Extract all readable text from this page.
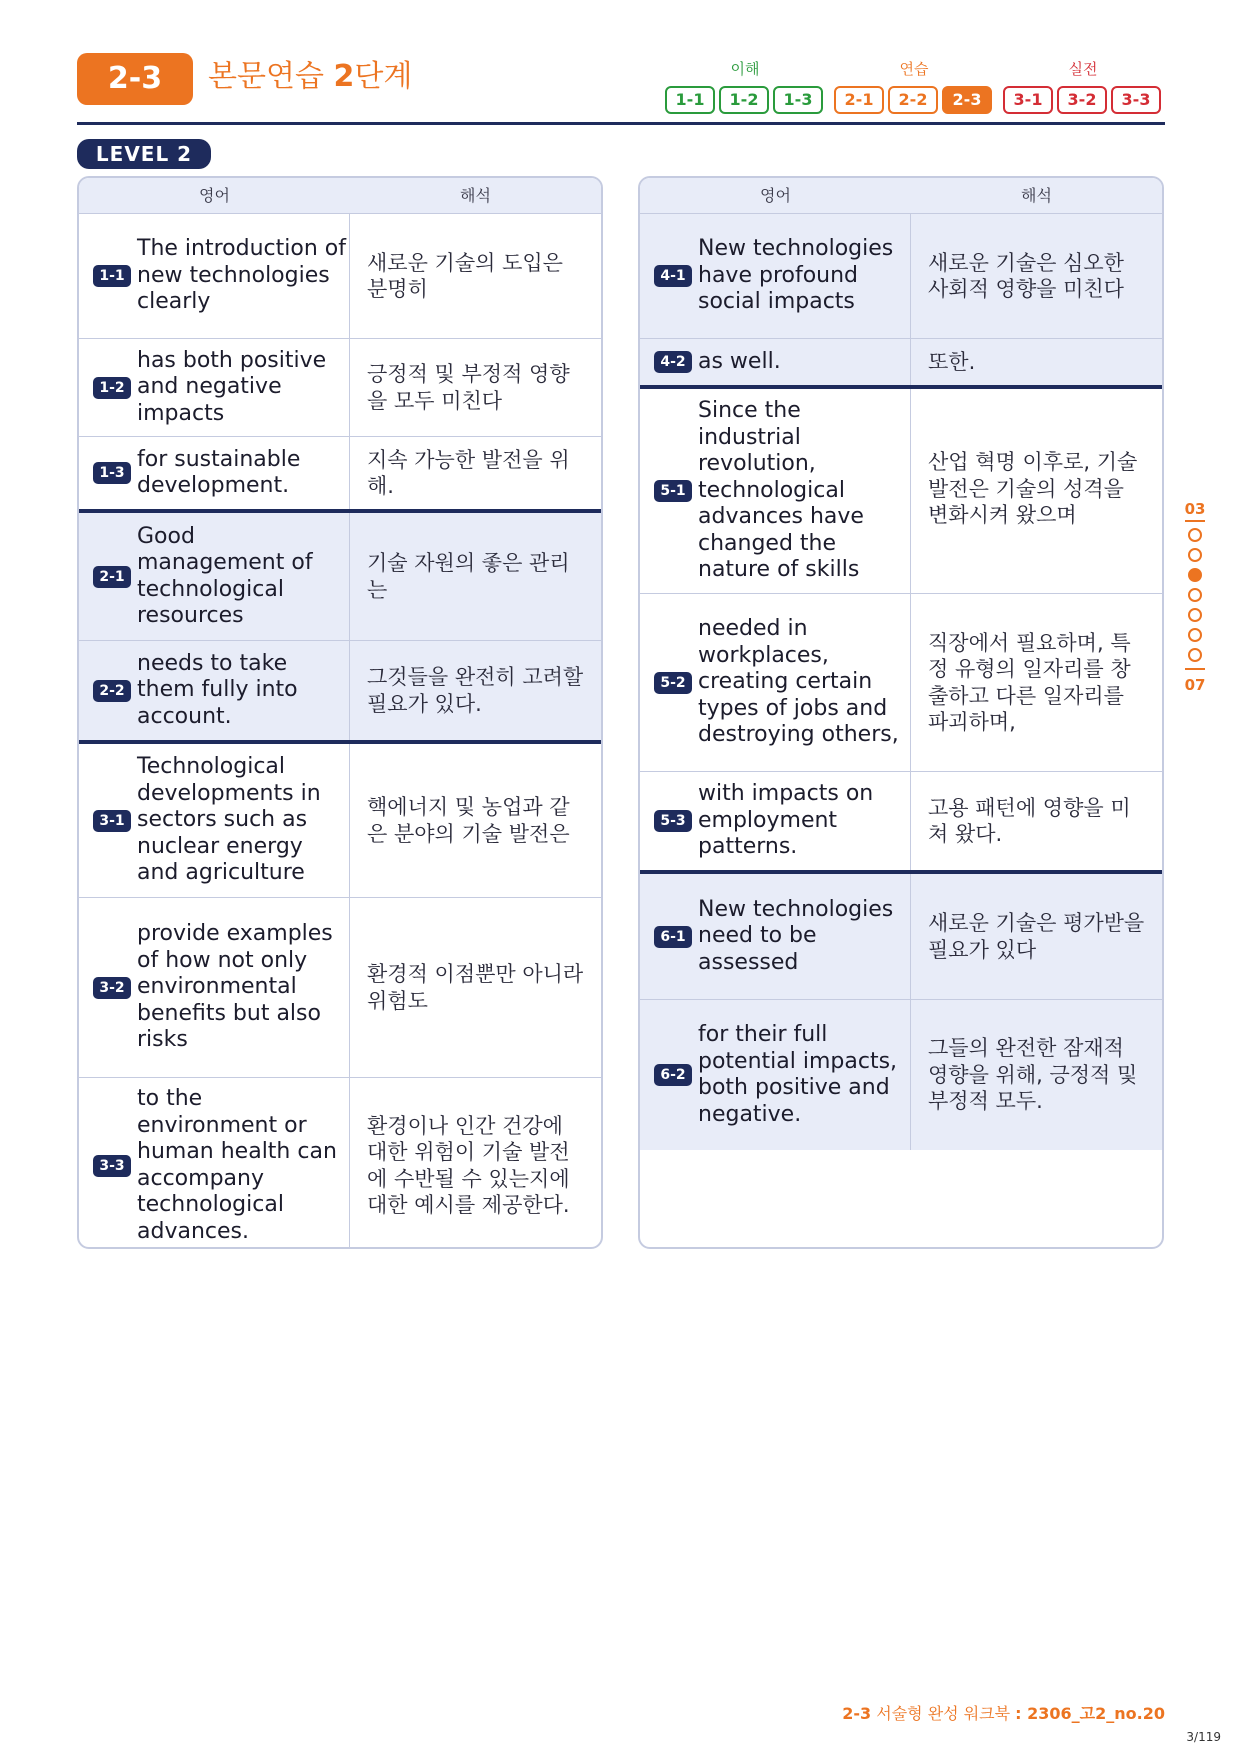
2-3	본문연습 2단계	이해
1-1	1-2	1-3
연습
2-1	2-2	2-3
실전
3-1	3-2	3-3
LEVEL 2
영어	해석
1-1
The introduction of new technologies clearly
새로운 기술의 도입은 분명히
1-2
has both positive and negative impacts
긍정적 및 부정적 영향을 모두 미친다
1-3
for sustainable development.
지속 가능한 발전을 위해.
2-1
Good management of technological resources
기술 자원의 좋은 관리는
2-2
needs to take them fully into account.
그것들을 완전히 고려할 필요가 있다.
3-1
Technological developments in sectors such as nuclear energy and agriculture
핵에너지 및 농업과 같은 분야의 기술 발전은
3-2
provide examples of how not only environmental benefits but also risks
환경적 이점뿐만 아니라 위험도
3-3
to the environment or human health can accompany technological advances.
환경이나 인간 건강에 대한 위험이 기술 발전에 수반될 수 있는지에 대한 예시를 제공한다.
영어	해석
4-1
New technologies have profound social impacts
새로운 기술은 심오한 사회적 영향을 미친다
4-2 as well.	또한.
5-1
Since the industrial revolution, technological advances have changed the nature of skills
산업 혁명 이후로, 기술 발전은 기술의 성격을 변화시켜 왔으며
5-2
needed in workplaces, creating certain types of jobs and destroying others,
직장에서 필요하며, 특정 유형의 일자리를 창출하고 다른 일자리를 파괴하며,
5-3
with impacts on employment patterns.
고용 패턴에 영향을 미쳐 왔다.
6-1
New technologies need to be assessed
새로운 기술은 평가받을 필요가 있다
6-2
for their full potential impacts, both positive and negative.
그들의 완전한 잠재적 영향을 위해, 긍정적 및 부정적 모두.
03
07
2-3 서술형 완성 워크북 : 2306_고2_no.20
3/119
